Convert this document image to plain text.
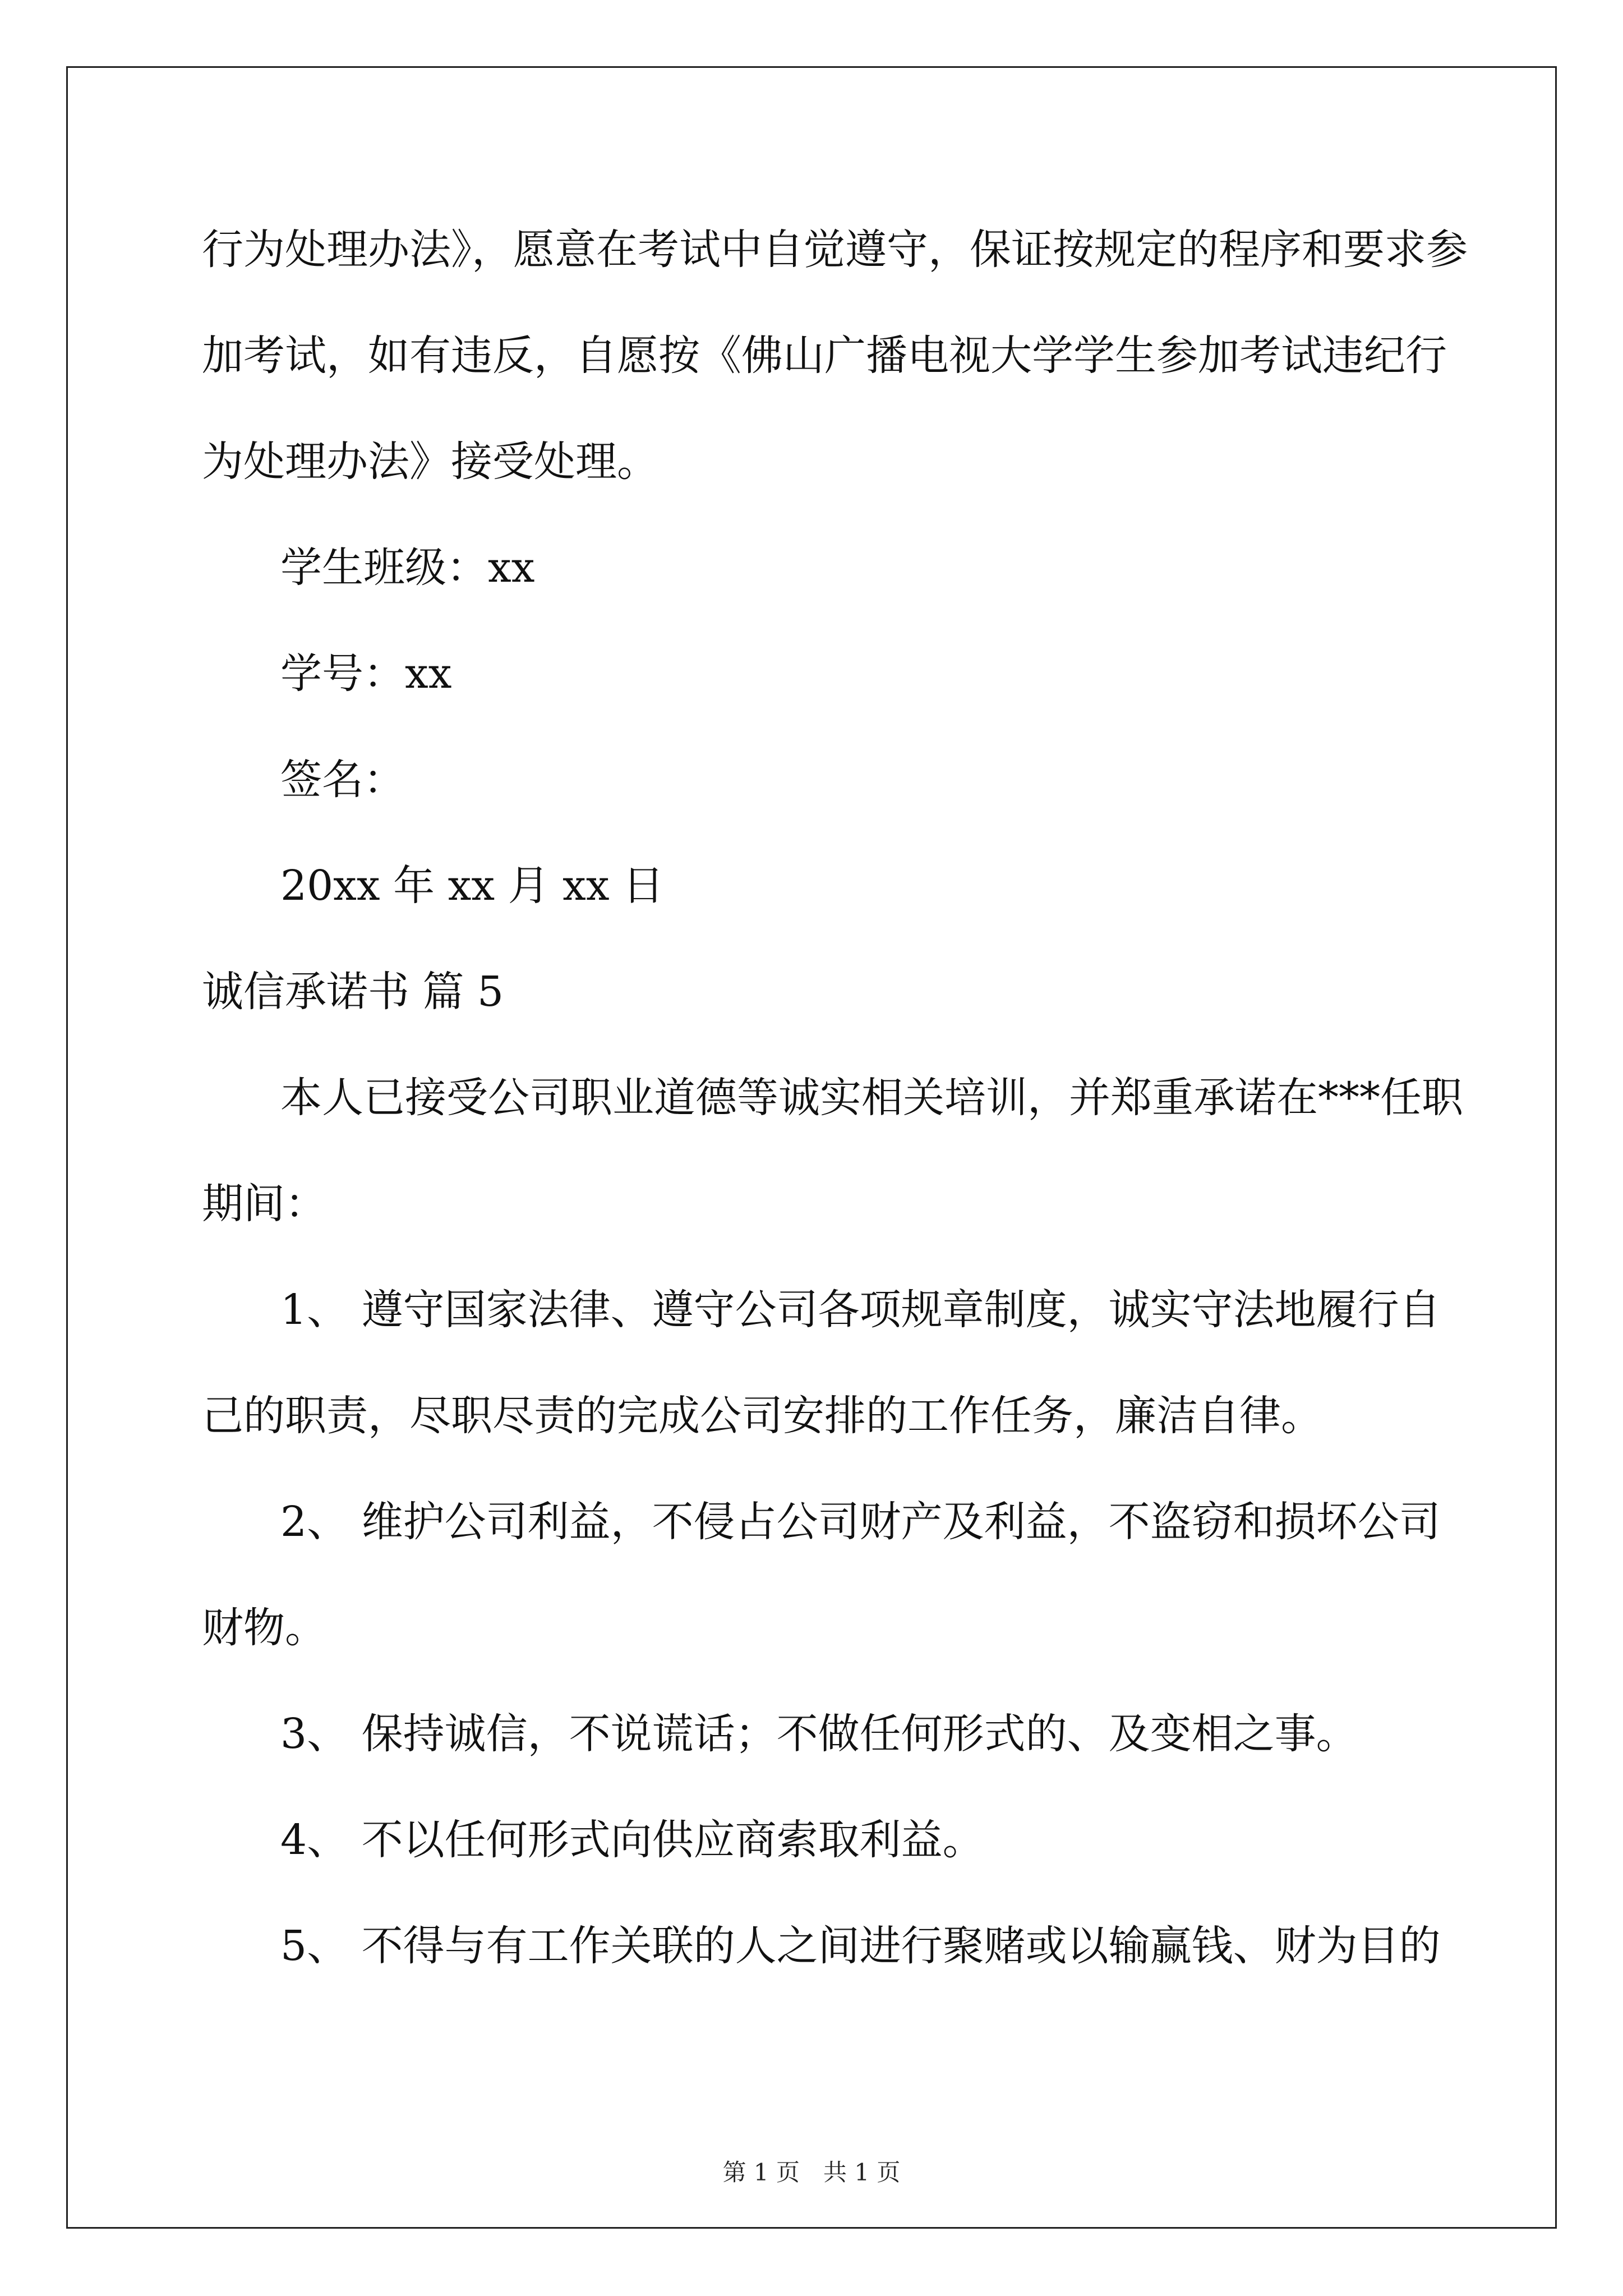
行为处理办法》，愿意在考试中自觉遵守，保证按规定的程序和要求参
加考试，如有违反，自愿按《佛山广播电视大学学生参加考试违纪行
为处理办法》接受处理。
学生班级：xx
学号：xx
签名：
20xx 年 xx 月 xx 日
诚信承诺书 篇 5
本人已接受公司职业道德等诚实相关培训，并郑重承诺在***任职
期间：
1、 遵守国家法律、遵守公司各项规章制度，诚实守法地履行自
己的职责，尽职尽责的完成公司安排的工作任务，廉洁自律。
2、 维护公司利益，不侵占公司财产及利益，不盗窃和损坏公司
财物。
3、 保持诚信，不说谎话；不做任何形式的、及变相之事。
4、 不以任何形式向供应商索取利益。
5、 不得与有工作关联的人之间进行聚赌或以输赢钱、财为目的
第 1 页　共 1 页
